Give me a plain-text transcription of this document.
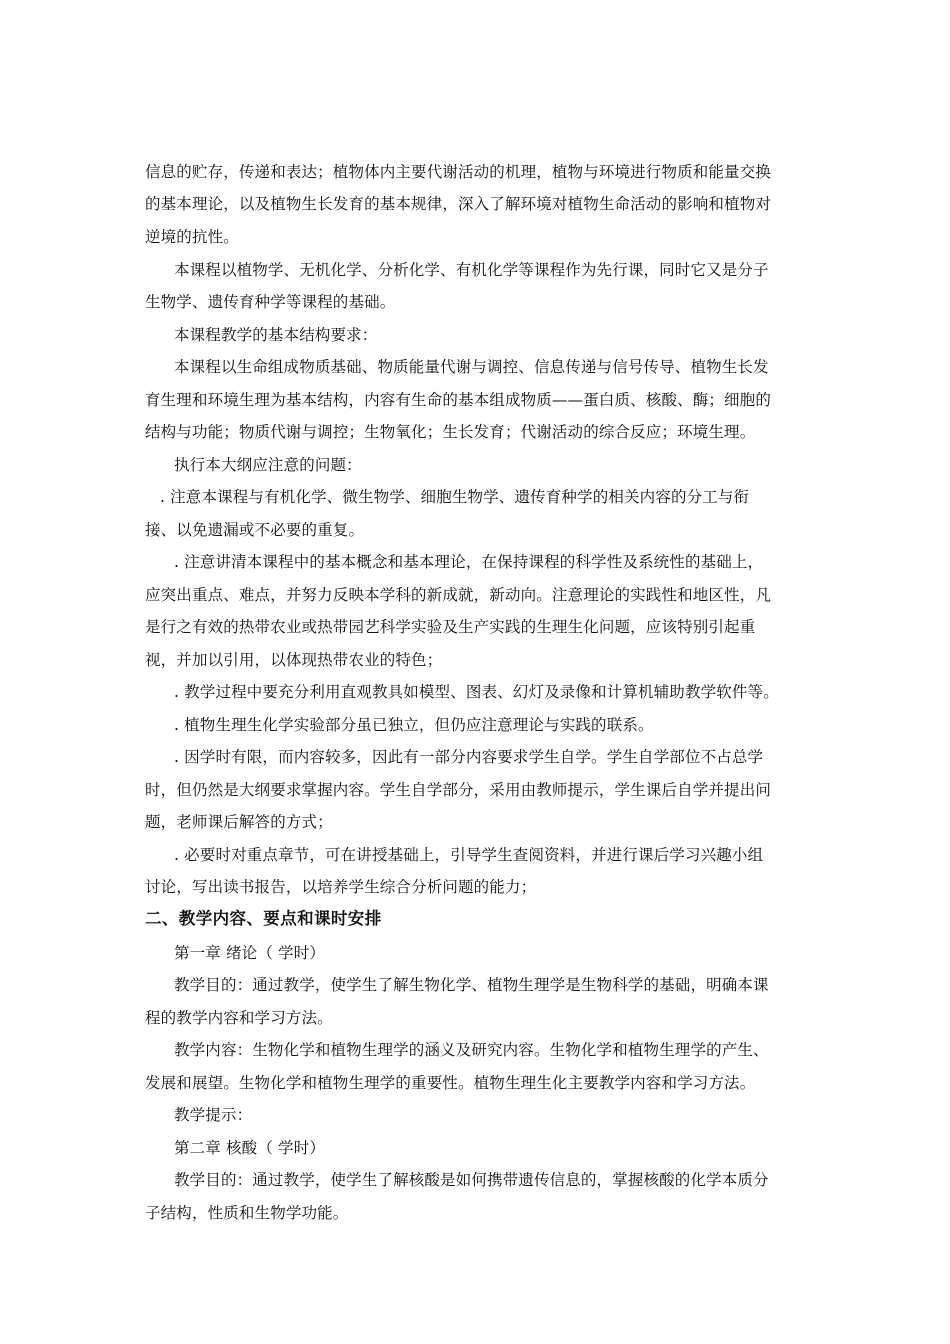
信息的贮存，传递和表达；植物体内主要代谢活动的机理，植物与环境进行物质和能量交换
的基本理论，以及植物生长发育的基本规律，深入了解环境对植物生命活动的影响和植物对
逆境的抗性。
本课程以植物学、无机化学、分析化学、有机化学等课程作为先行课，同时它又是分子
生物学、遗传育种学等课程的基础。
本课程教学的基本结构要求：
本课程以生命组成物质基础、物质能量代谢与调控、信息传递与信号传导、植物生长发
育生理和环境生理为基本结构，内容有生命的基本组成物质——蛋白质、核酸、酶；细胞的
结构与功能；物质代谢与调控；生物氧化；生长发育；代谢活动的综合反应；环境生理。
执行本大纲应注意的问题：
. 注意本课程与有机化学、微生物学、细胞生物学、遗传育种学的相关内容的分工与衔
接、以免遗漏或不必要的重复。
. 注意讲清本课程中的基本概念和基本理论，在保持课程的科学性及系统性的基础上，
应突出重点、难点，并努力反映本学科的新成就，新动向。注意理论的实践性和地区性，凡
是行之有效的热带农业或热带园艺科学实验及生产实践的生理生化问题，应该特别引起重
视，并加以引用，以体现热带农业的特色；
. 教学过程中要充分利用直观教具如模型、图表、幻灯及录像和计算机辅助教学软件等。
. 植物生理生化学实验部分虽已独立，但仍应注意理论与实践的联系。
. 因学时有限，而内容较多，因此有一部分内容要求学生自学。学生自学部位不占总学
时，但仍然是大纲要求掌握内容。学生自学部分，采用由教师提示，学生课后自学并提出问
题，老师课后解答的方式；
. 必要时对重点章节，可在讲授基础上，引导学生查阅资料，并进行课后学习兴趣小组
讨论，写出读书报告，以培养学生综合分析问题的能力；
二、教学内容、要点和课时安排
第一章 绪论（ 学时）
教学目的：通过教学，使学生了解生物化学、植物生理学是生物科学的基础，明确本课
程的教学内容和学习方法。
教学内容：生物化学和植物生理学的涵义及研究内容。生物化学和植物生理学的产生、
发展和展望。生物化学和植物生理学的重要性。植物生理生化主要教学内容和学习方法。
教学提示：
第二章 核酸（ 学时）
教学目的：通过教学，使学生了解核酸是如何携带遗传信息的，掌握核酸的化学本质分
子结构，性质和生物学功能。
